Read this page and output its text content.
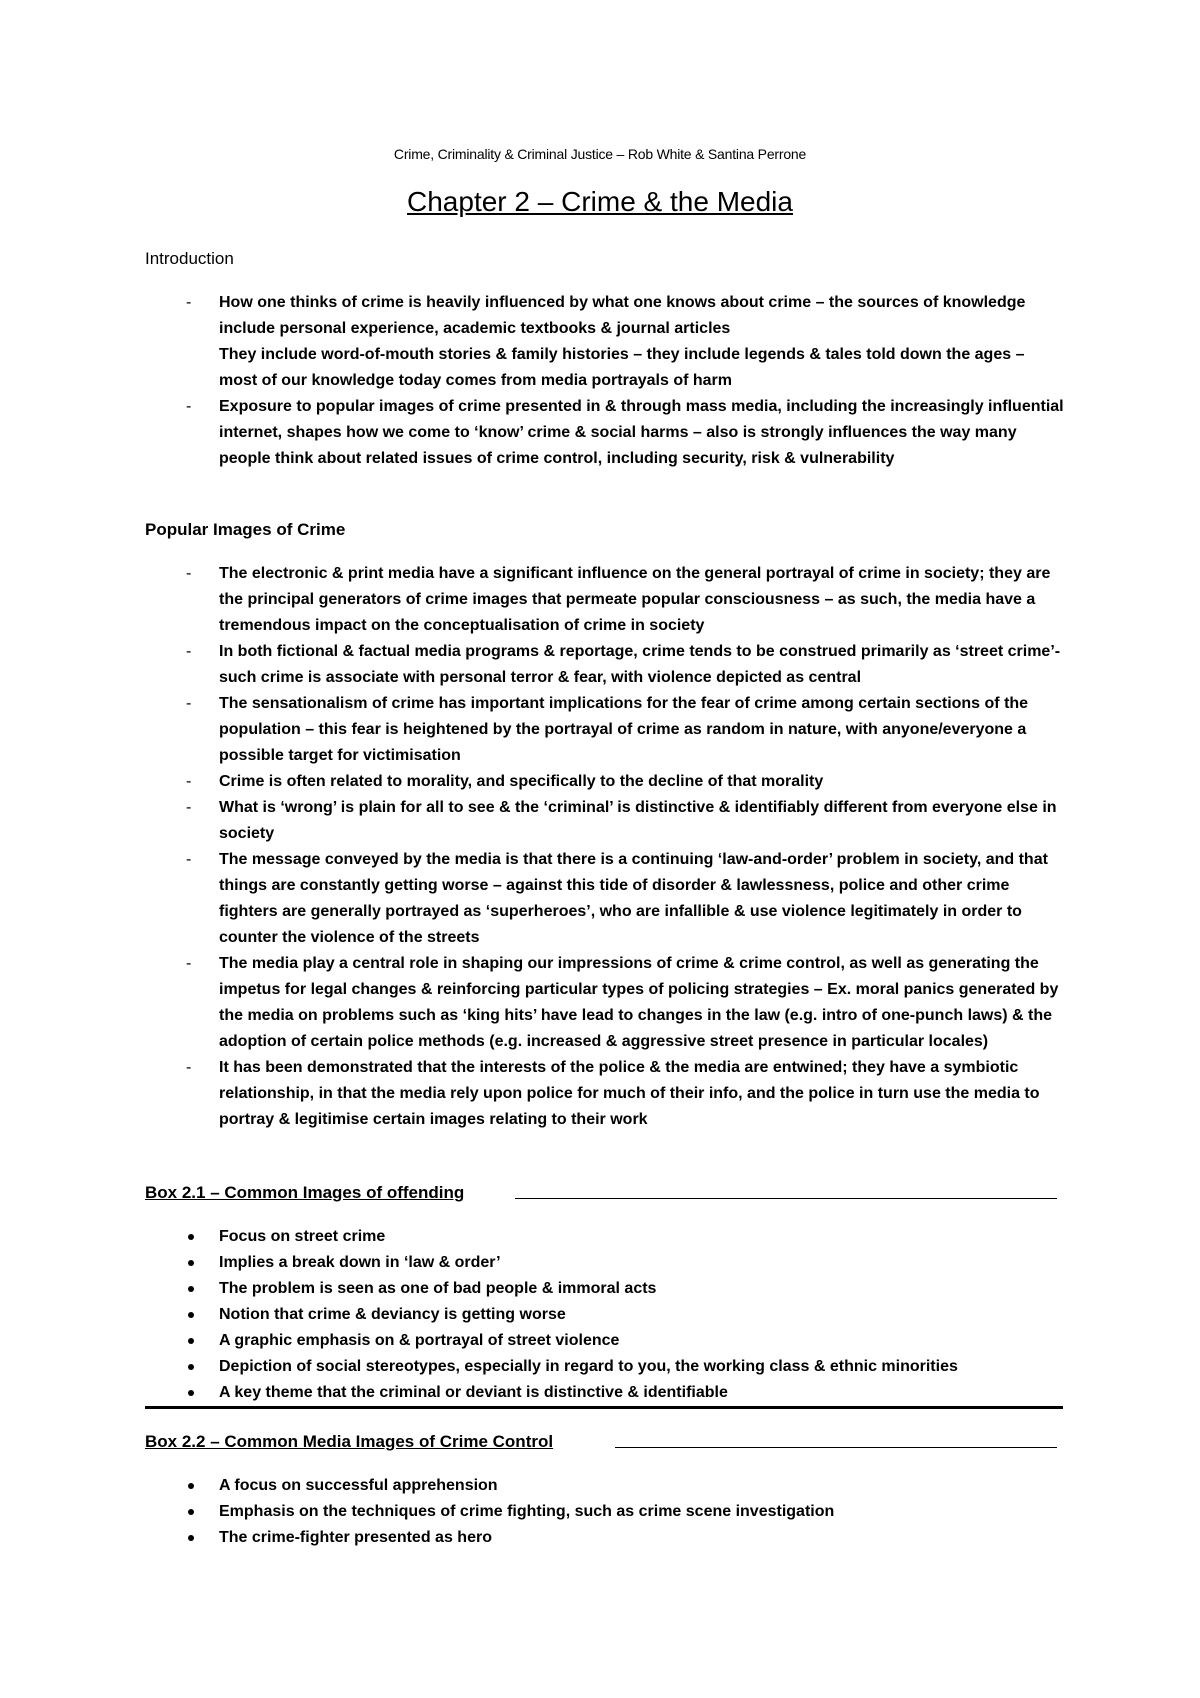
Crime, Criminality & Criminal Justice – Rob White & Santina Perrone
Chapter 2 – Crime & the Media
Introduction
- How one thinks of crime is heavily influenced by what one knows about crime – the sources of knowledge include personal experience, academic textbooks & journal articles
They include word-of-mouth stories & family histories – they include legends & tales told down the ages – most of our knowledge today comes from media portrayals of harm
- Exposure to popular images of crime presented in & through mass media, including the increasingly influential internet, shapes how we come to ‘know’ crime & social harms – also is strongly influences the way many people think about related issues of crime control, including security, risk & vulnerability
Popular Images of Crime
- The electronic & print media have a significant influence on the general portrayal of crime in society; they are the principal generators of crime images that permeate popular consciousness – as such, the media have a tremendous impact on the conceptualisation of crime in society
- In both fictional & factual media programs & reportage, crime tends to be construed primarily as ‘street crime’- such crime is associate with personal terror & fear, with violence depicted as central
- The sensationalism of crime has important implications for the fear of crime among certain sections of the population – this fear is heightened by the portrayal of crime as random in nature, with anyone/everyone a possible target for victimisation
- Crime is often related to morality, and specifically to the decline of that morality
- What is ‘wrong’ is plain for all to see & the ‘criminal’ is distinctive & identifiably different from everyone else in society
- The message conveyed by the media is that there is a continuing ‘law-and-order’ problem in society, and that things are constantly getting worse – against this tide of disorder & lawlessness, police and other crime fighters are generally portrayed as ‘superheroes’, who are infallible & use violence legitimately in order to counter the violence of the streets
- The media play a central role in shaping our impressions of crime & crime control, as well as generating the impetus for legal changes & reinforcing particular types of policing strategies – Ex. moral panics generated by the media on problems such as ‘king hits’ have lead to changes in the law (e.g. intro of one-punch laws) & the adoption of certain police methods (e.g. increased & aggressive street presence in particular locales)
- It has been demonstrated that the interests of the police & the media are entwined; they have a symbiotic relationship, in that the media rely upon police for much of their info, and the police in turn use the media to portray & legitimise certain images relating to their work
Box 2.1 – Common Images of offending
Focus on street crime
Implies a break down in ‘law & order’
The problem is seen as one of bad people & immoral acts
Notion that crime & deviancy is getting worse
A graphic emphasis on & portrayal of street violence
Depiction of social stereotypes, especially in regard to you, the working class & ethnic minorities
A key theme that the criminal or deviant is distinctive & identifiable
Box 2.2 – Common Media Images of Crime Control
A focus on successful apprehension
Emphasis on the techniques of crime fighting, such as crime scene investigation
The crime-fighter presented as hero
